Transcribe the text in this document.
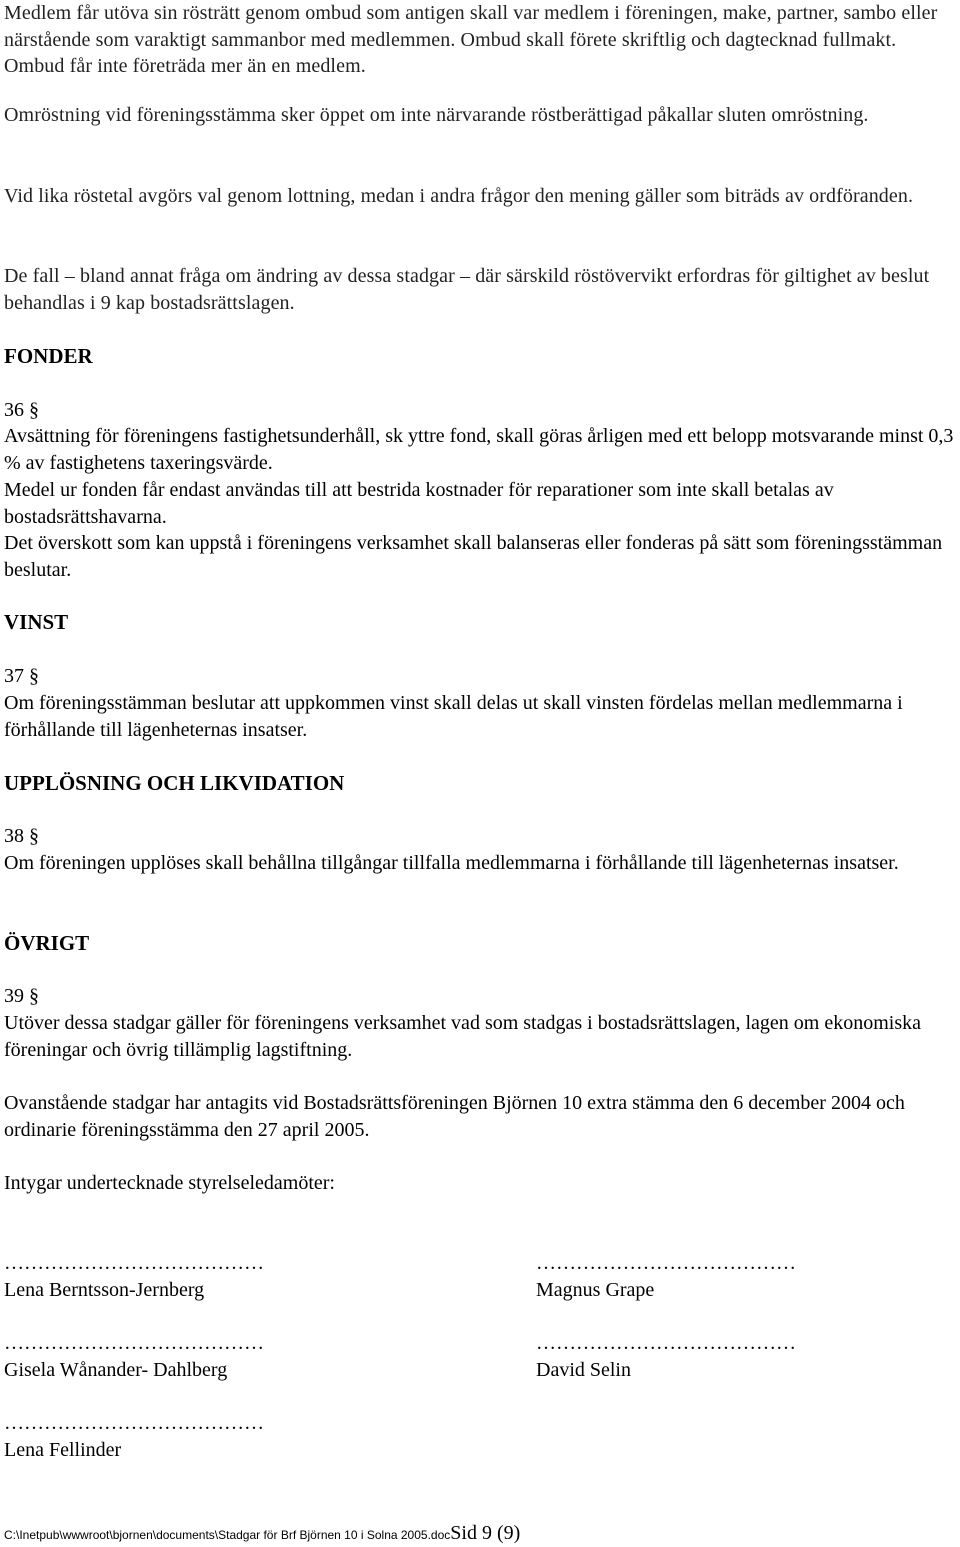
Medlem får utöva sin rösträtt genom ombud som antigen skall var medlem i föreningen, make, partner, sambo eller närstående som varaktigt sammanbor med medlemmen. Ombud skall förete skriftlig och dagtecknad fullmakt. Ombud får inte företräda mer än en medlem.

Omröstning vid föreningsstämma sker öppet om inte närvarande röstberättigad påkallar sluten omröstning.

Vid lika röstetal avgörs val genom lottning, medan i andra frågor den mening gäller som biträds av ordföranden.

De fall – bland annat fråga om ändring av dessa stadgar – där särskild röstövervikt erfordras för giltighet av beslut behandlas i 9 kap bostadsrättslagen.

FONDER

36 §

Avsättning för föreningens fastighetsunderhåll, sk yttre fond, skall göras årligen med ett belopp motsvarande minst 0,3 % av fastighetens taxeringsvärde.

Medel ur fonden får endast användas till att bestrida kostnader för reparationer som inte skall betalas av bostadsrättshavarna.

Det överskott som kan uppstå i föreningens verksamhet skall balanseras eller fonderas på sätt som föreningsstämman beslutar.

VINST

37 §

Om föreningsstämman beslutar att uppkommen vinst skall delas ut skall vinsten fördelas mellan medlemmarna i förhållande till lägenheternas insatser.

UPPLÖSNING OCH LIKVIDATION

38 §

Om föreningen upplöses skall behållna tillgångar tillfalla medlemmarna i förhållande till lägenheternas insatser.

ÖVRIGT

39 §

Utöver dessa stadgar gäller för föreningens verksamhet vad som stadgas i bostadsrättslagen, lagen om ekonomiska föreningar och övrig tillämplig lagstiftning.

Ovanstående stadgar har antagits vid Bostadsrättsföreningen Björnen 10 extra stämma den 6 december 2004 och ordinarie föreningsstämma den 27 april 2005.

Intygar undertecknade styrelseledamöter:

…………………………………

Lena Berntsson-Jernberg

…………………………………

Magnus Grape

…………………………………

Gisela Wånander- Dahlberg

…………………………………

David Selin

…………………………………

Lena Fellinder

C:\Inetpub\wwwroot\bjornen\documents\Stadgar för Brf Björnen 10 i Solna 2005.docSid 9 (9)
